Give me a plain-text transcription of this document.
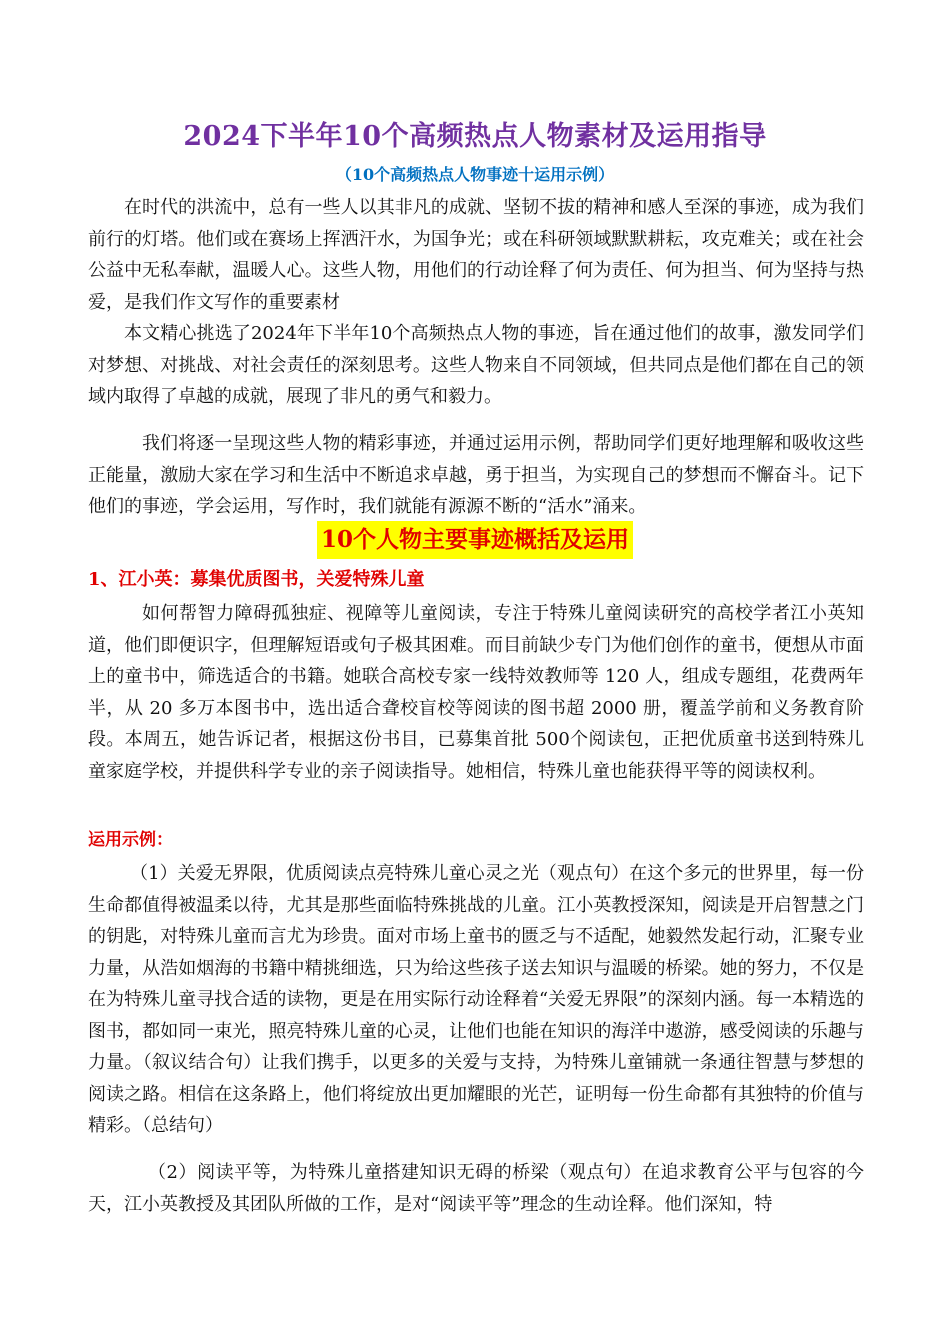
2024下半年10个高频热点人物素材及运用指导
（10个高频热点人物事迹十运用示例）

在时代的洪流中，总有一些人以其非凡的成就、坚韧不拔的精神和感人至深的事迹，成为我们前行的灯塔。他们或在赛场上挥洒汗水，为国争光；或在科研领域默默耕耘，攻克难关；或在社会公益中无私奉献，温暖人心。这些人物，用他们的行动诠释了何为责任、何为担当、何为坚持与热爱，是我们作文写作的重要素材

本文精心挑选了2024年下半年10个高频热点人物的事迹，旨在通过他们的故事，激发同学们对梦想、对挑战、对社会责任的深刻思考。这些人物来自不同领域，但共同点是他们都在自己的领域内取得了卓越的成就，展现了非凡的勇气和毅力。

我们将逐一呈现这些人物的精彩事迹，并通过运用示例，帮助同学们更好地理解和吸收这些正能量，激励大家在学习和生活中不断追求卓越，勇于担当，为实现自己的梦想而不懈奋斗。记下他们的事迹，学会运用，写作时，我们就能有源源不断的“活水”涌来。

10个人物主要事迹概括及运用
1、江小英：募集优质图书，关爱特殊儿童

如何帮智力障碍孤独症、视障等儿童阅读，专注于特殊儿童阅读研究的高校学者江小英知道，他们即便识字，但理解短语或句子极其困难。而目前缺少专门为他们创作的童书，便想从市面上的童书中，筛选适合的书籍。她联合高校专家一线特效教师等 120 人，组成专题组，花费两年半，从 20 多万本图书中，选出适合聋校盲校等阅读的图书超 2000 册，覆盖学前和义务教育阶段。本周五，她告诉记者，根据这份书目，已募集首批 500个阅读包，正把优质童书送到特殊儿童家庭学校，并提供科学专业的亲子阅读指导。她相信，特殊儿童也能获得平等的阅读权利。

运用示例：

（1）关爱无界限，优质阅读点亮特殊儿童心灵之光（观点句）在这个多元的世界里，每一份生命都值得被温柔以待，尤其是那些面临特殊挑战的儿童。江小英教授深知，阅读是开启智慧之门的钥匙，对特殊儿童而言尤为珍贵。面对市场上童书的匮乏与不适配，她毅然发起行动，汇聚专业力量，从浩如烟海的书籍中精挑细选，只为给这些孩子送去知识与温暖的桥梁。她的努力，不仅是在为特殊儿童寻找合适的读物，更是在用实际行动诠释着“关爱无界限”的深刻内涵。每一本精选的图书，都如同一束光，照亮特殊儿童的心灵，让他们也能在知识的海洋中遨游，感受阅读的乐趣与力量。（叙议结合句）让我们携手，以更多的关爱与支持，为特殊儿童铺就一条通往智慧与梦想的阅读之路。相信在这条路上，他们将绽放出更加耀眼的光芒，证明每一份生命都有其独特的价值与精彩。（总结句）

（2）阅读平等，为特殊儿童搭建知识无碍的桥梁（观点句）在追求教育公平与包容的今天，江小英教授及其团队所做的工作，是对“阅读平等”理念的生动诠释。他们深知，特
